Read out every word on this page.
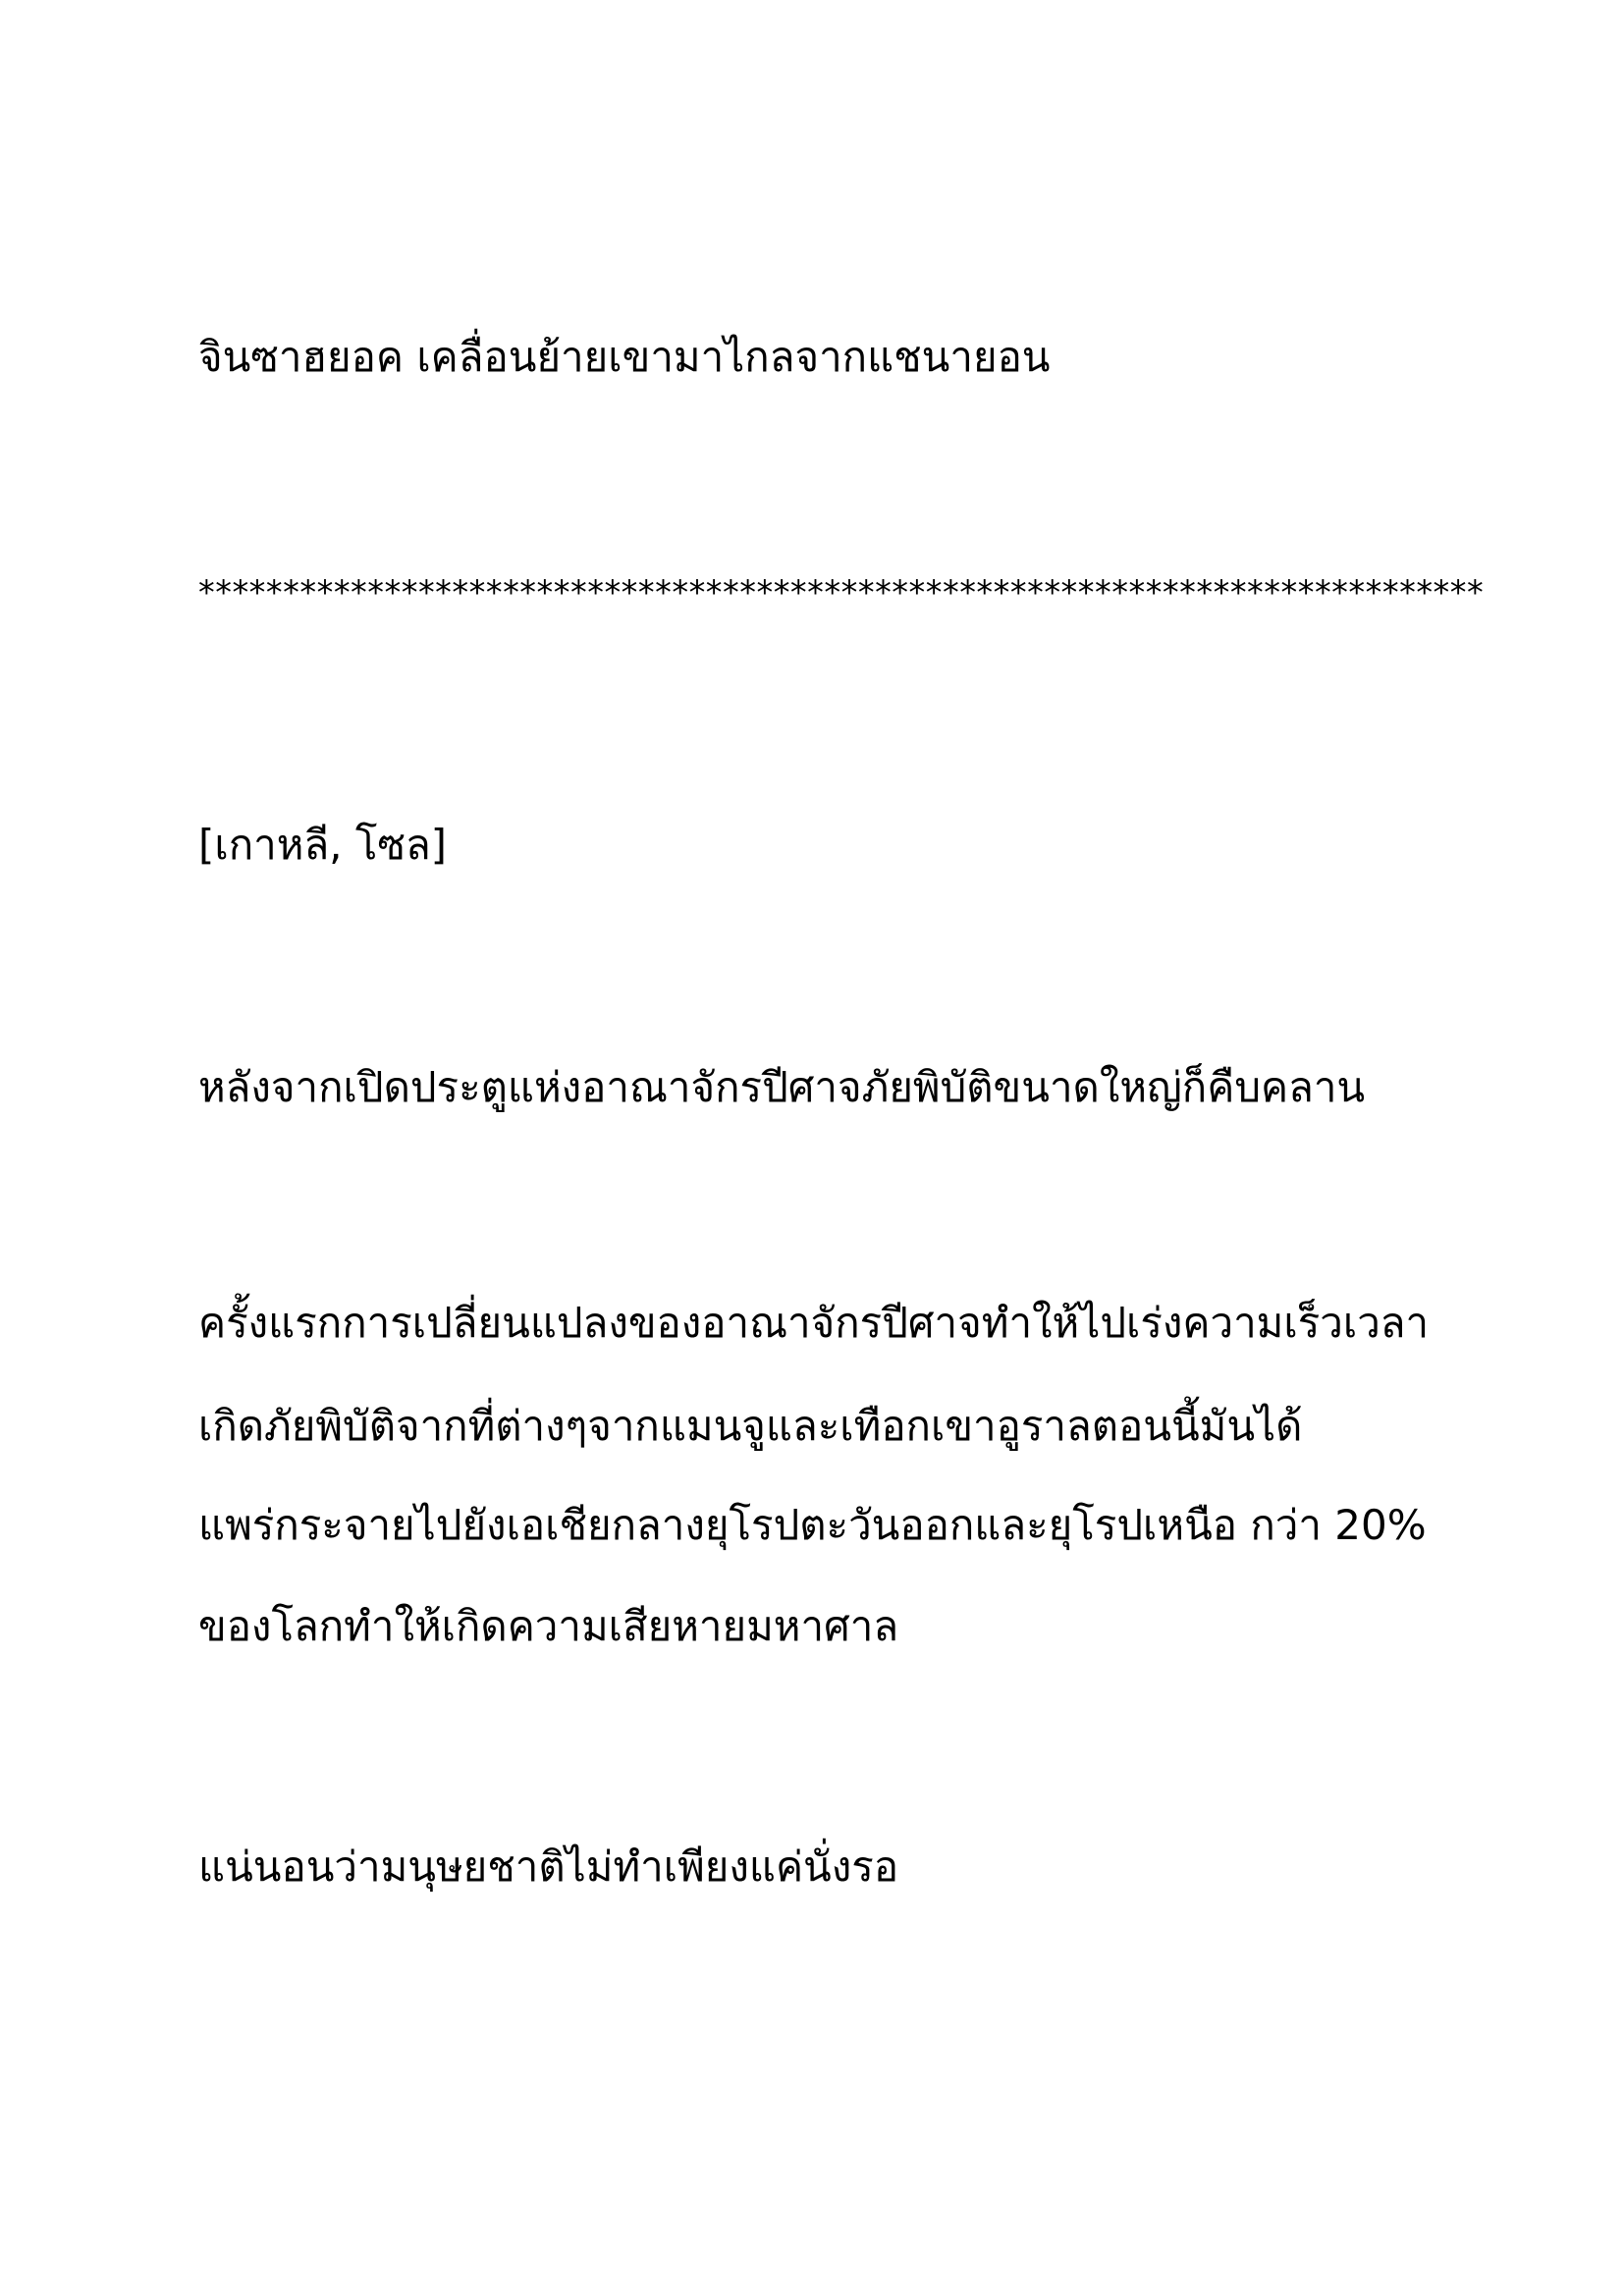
จินซาฮยอค เคลื่อนย้ายเขามาไกลจากแชนายอน

****************************************************************************

[เกาหลี, โซล]

หลังจากเปิดประตูแห่งอาณาจักรปีศาจภัยพิบัติขนาดใหญ่ก็คืบคลาน

ครั้งแรกการเปลี่ยนแปลงของอาณาจักรปีศาจทำให้ไปเร่งความเร็วเวลา

เกิดภัยพิบัติจากที่ต่างๆจากแมนจูและเทือกเขาอูราลตอนนี้มันได้

แพร่กระจายไปยังเอเชียกลางยุโรปตะวันออกและยุโรปเหนือ กว่า 20%

ของโลกทำให้เกิดความเสียหายมหาศาล

แน่นอนว่ามนุษยชาติไม่ทำเพียงแค่นั่งรอ
